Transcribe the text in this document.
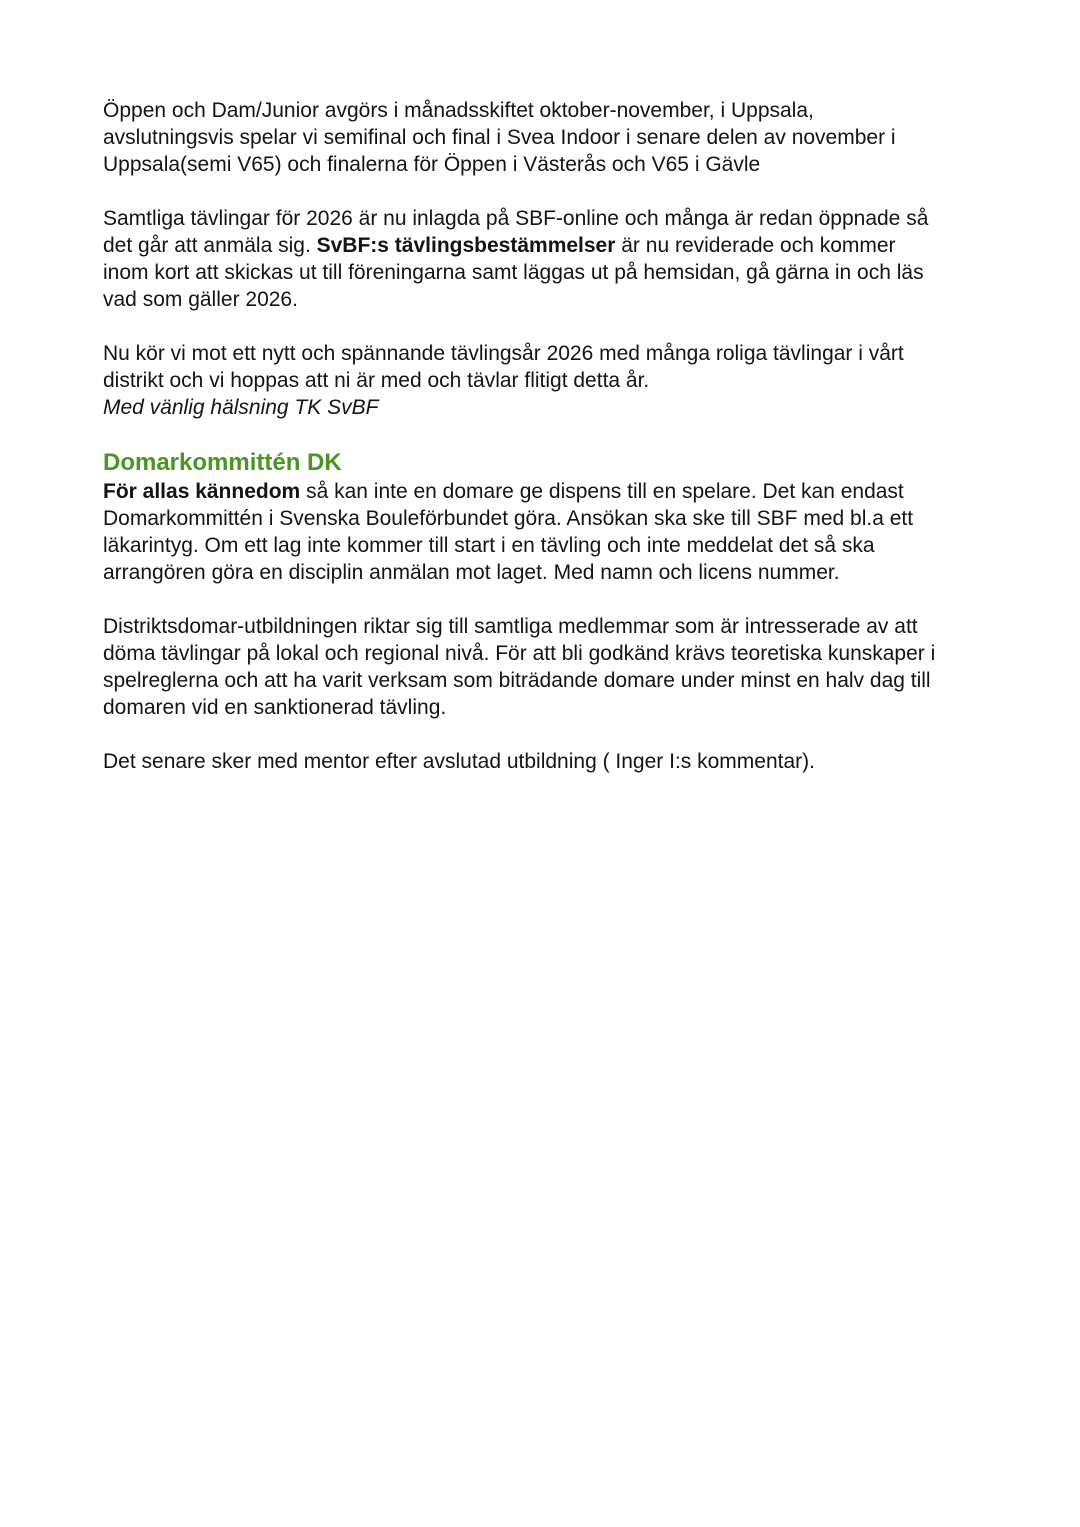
Öppen och Dam/Junior avgörs i månadsskiftet oktober-november, i Uppsala,
avslutningsvis spelar vi semifinal och final i Svea Indoor i senare delen av november i
Uppsala(semi V65) och finalerna för Öppen i Västerås och V65 i Gävle
Samtliga tävlingar för 2026 är nu inlagda på SBF-online och många är redan öppnade så
det går att anmäla sig. SvBF:s tävlingsbestämmelser är nu reviderade och kommer
inom kort att skickas ut till föreningarna samt läggas ut på hemsidan, gå gärna in och läs
vad som gäller 2026.
Nu kör vi mot ett nytt och spännande tävlingsår 2026 med många roliga tävlingar i vårt
distrikt och vi hoppas att ni är med och tävlar flitigt detta år.
Med vänlig hälsning TK SvBF
Domarkommittén DK
För allas kännedom så kan inte en domare ge dispens till en spelare. Det kan endast
Domarkommittén i Svenska Bouleförbundet göra. Ansökan ska ske till SBF med bl.a ett
läkarintyg. Om ett lag inte kommer till start i en tävling och inte meddelat det så ska
arrangören göra en disciplin anmälan mot laget. Med namn och licens nummer.
Distriktsdomar-utbildningen riktar sig till samtliga medlemmar som är intresserade av att
döma tävlingar på lokal och regional nivå. För att bli godkänd krävs teoretiska kunskaper i
spelreglerna och att ha varit verksam som biträdande domare under minst en halv dag till
domaren vid en sanktionerad tävling.
Det senare sker med mentor efter avslutad utbildning ( Inger I:s kommentar).
